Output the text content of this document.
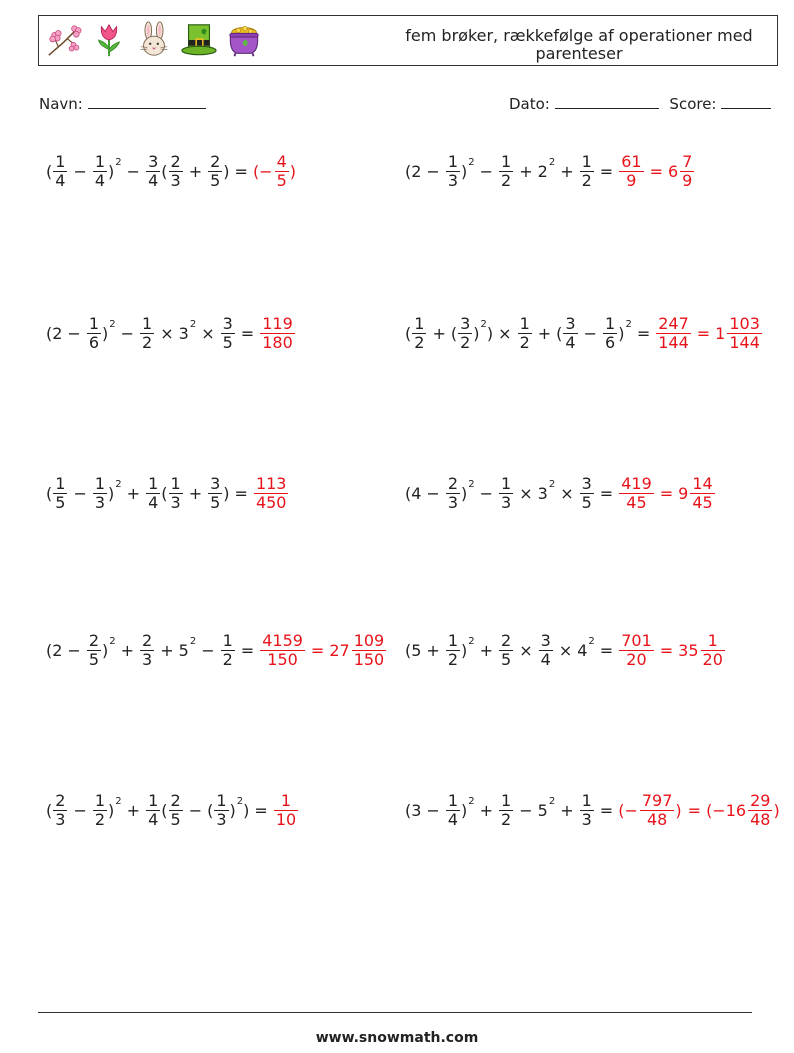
fem brøker, rækkefølge af operationer med parenteser
Navn:	Dato:	Score:
( $\frac{1}{4} - \frac{1}{4}$ ) $2 - \frac{3}{4}$ ( $\frac{2}{3} + \frac{2}{5}$ ) = (− $\frac{4}{5}$ )	($2 - \frac{1}{3}$ ) $2 - \frac{1}{2} + 2$ $2 + \frac{1}{2} = \frac{61}{9} = 6 \frac{7}{9}$
($2 - \frac{1}{6}$ ) $2 - \frac{1}{2} \times 3$ $2 \times \frac{3}{5} = \frac{119}{180}$	( $\frac{1}{2}$ + ( $\frac{3}{2}$ ) 2 ) × $\frac{1}{2}$ + ( $\frac{3}{4} - \frac{1}{6}$ ) $2 = \frac{247}{144} = 1 \frac{103}{144}$
( $\frac{1}{5} - \frac{1}{3}$ ) $2 + \frac{1}{4}$ ( $\frac{1}{3} + \frac{3}{5}$ ) = $\frac{113}{450}$	($4 - \frac{2}{3}$ ) $2 - \frac{1}{3} \times 3$ $2 \times \frac{3}{5} = \frac{419}{45} = 9 \frac{14}{45}$
($2 - \frac{2}{5}$ ) $2 + \frac{2}{3} + 5$ $2 - \frac{1}{2} = \frac{4159}{150} = 27 \frac{109}{150} (5 + \frac{1}{2}$ ) $2 + \frac{2}{5} \times \frac{3}{4} \times 4$ $2 = \frac{701}{20} = 35 \frac{1}{20}$
( $\frac{2}{3} - \frac{1}{2}$ ) $2 + \frac{1}{4}$ ( $\frac{2}{5}$ − ( $\frac{1}{3}$ ) 2 ) = $\frac{1}{10}$	($3 - \frac{1}{4}$ ) $2 + \frac{1}{2} - 5$ $2 + \frac{1}{3}$ = (− $\frac{797}{48}$ ) = ($-16 \frac{29}{48}$ )
www.snowmath.com
